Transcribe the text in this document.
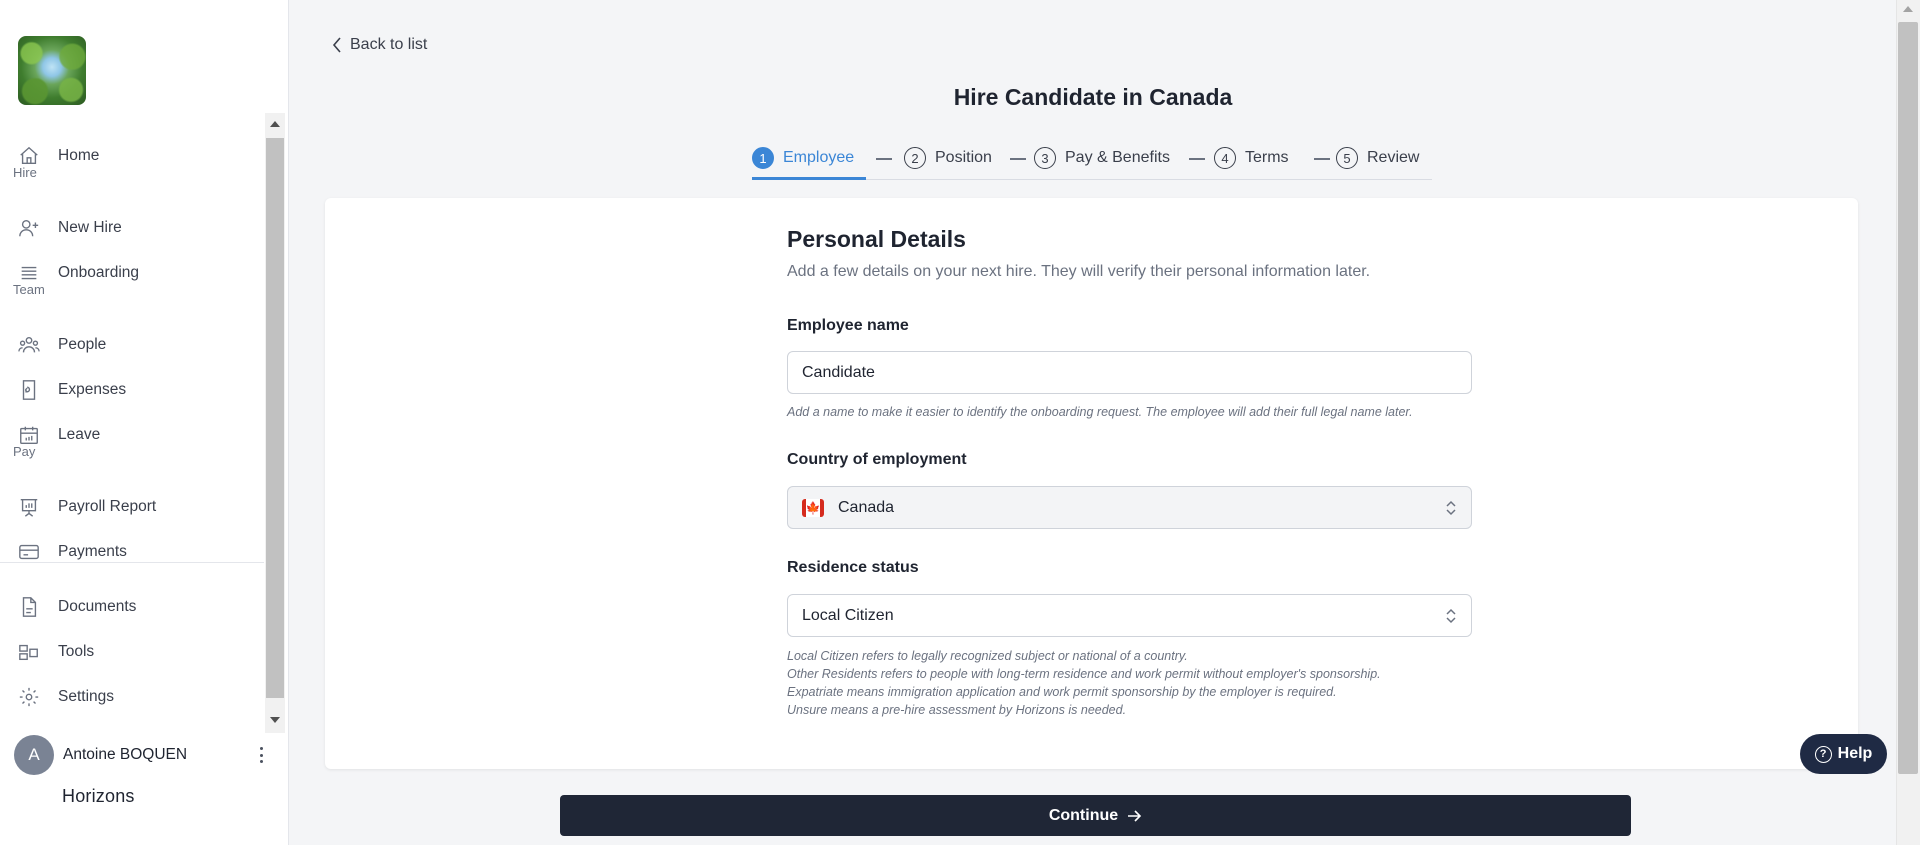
Home
Hire
New Hire
Onboarding
Team
People
Expenses
Leave
Pay
Payroll Report
Payments
Documents
Tools
Settings
A	Antoine BOQUEN
Horizons
Back to list
Hire Candidate in Canada
1	Employee	2	Position	3	Pay & Benefits	4	Terms	5	Review
Personal Details

Add a few details on your next hire. They will verify their personal information later.

Employee name
Candidate

Add a name to make it easier to identify the onboarding request. The employee will add their full legal name later.

Country of employment
🍁 Canada
Residence status
Local Citizen

Local Citizen refers to legally recognized subject or national of a country.

Other Residents refers to people with long-term residence and work permit without employer's sponsorship.

Expatriate means immigration application and work permit sponsorship by the employer is required.

Unsure means a pre-hire assessment by Horizons is needed.

Continue
? Help
